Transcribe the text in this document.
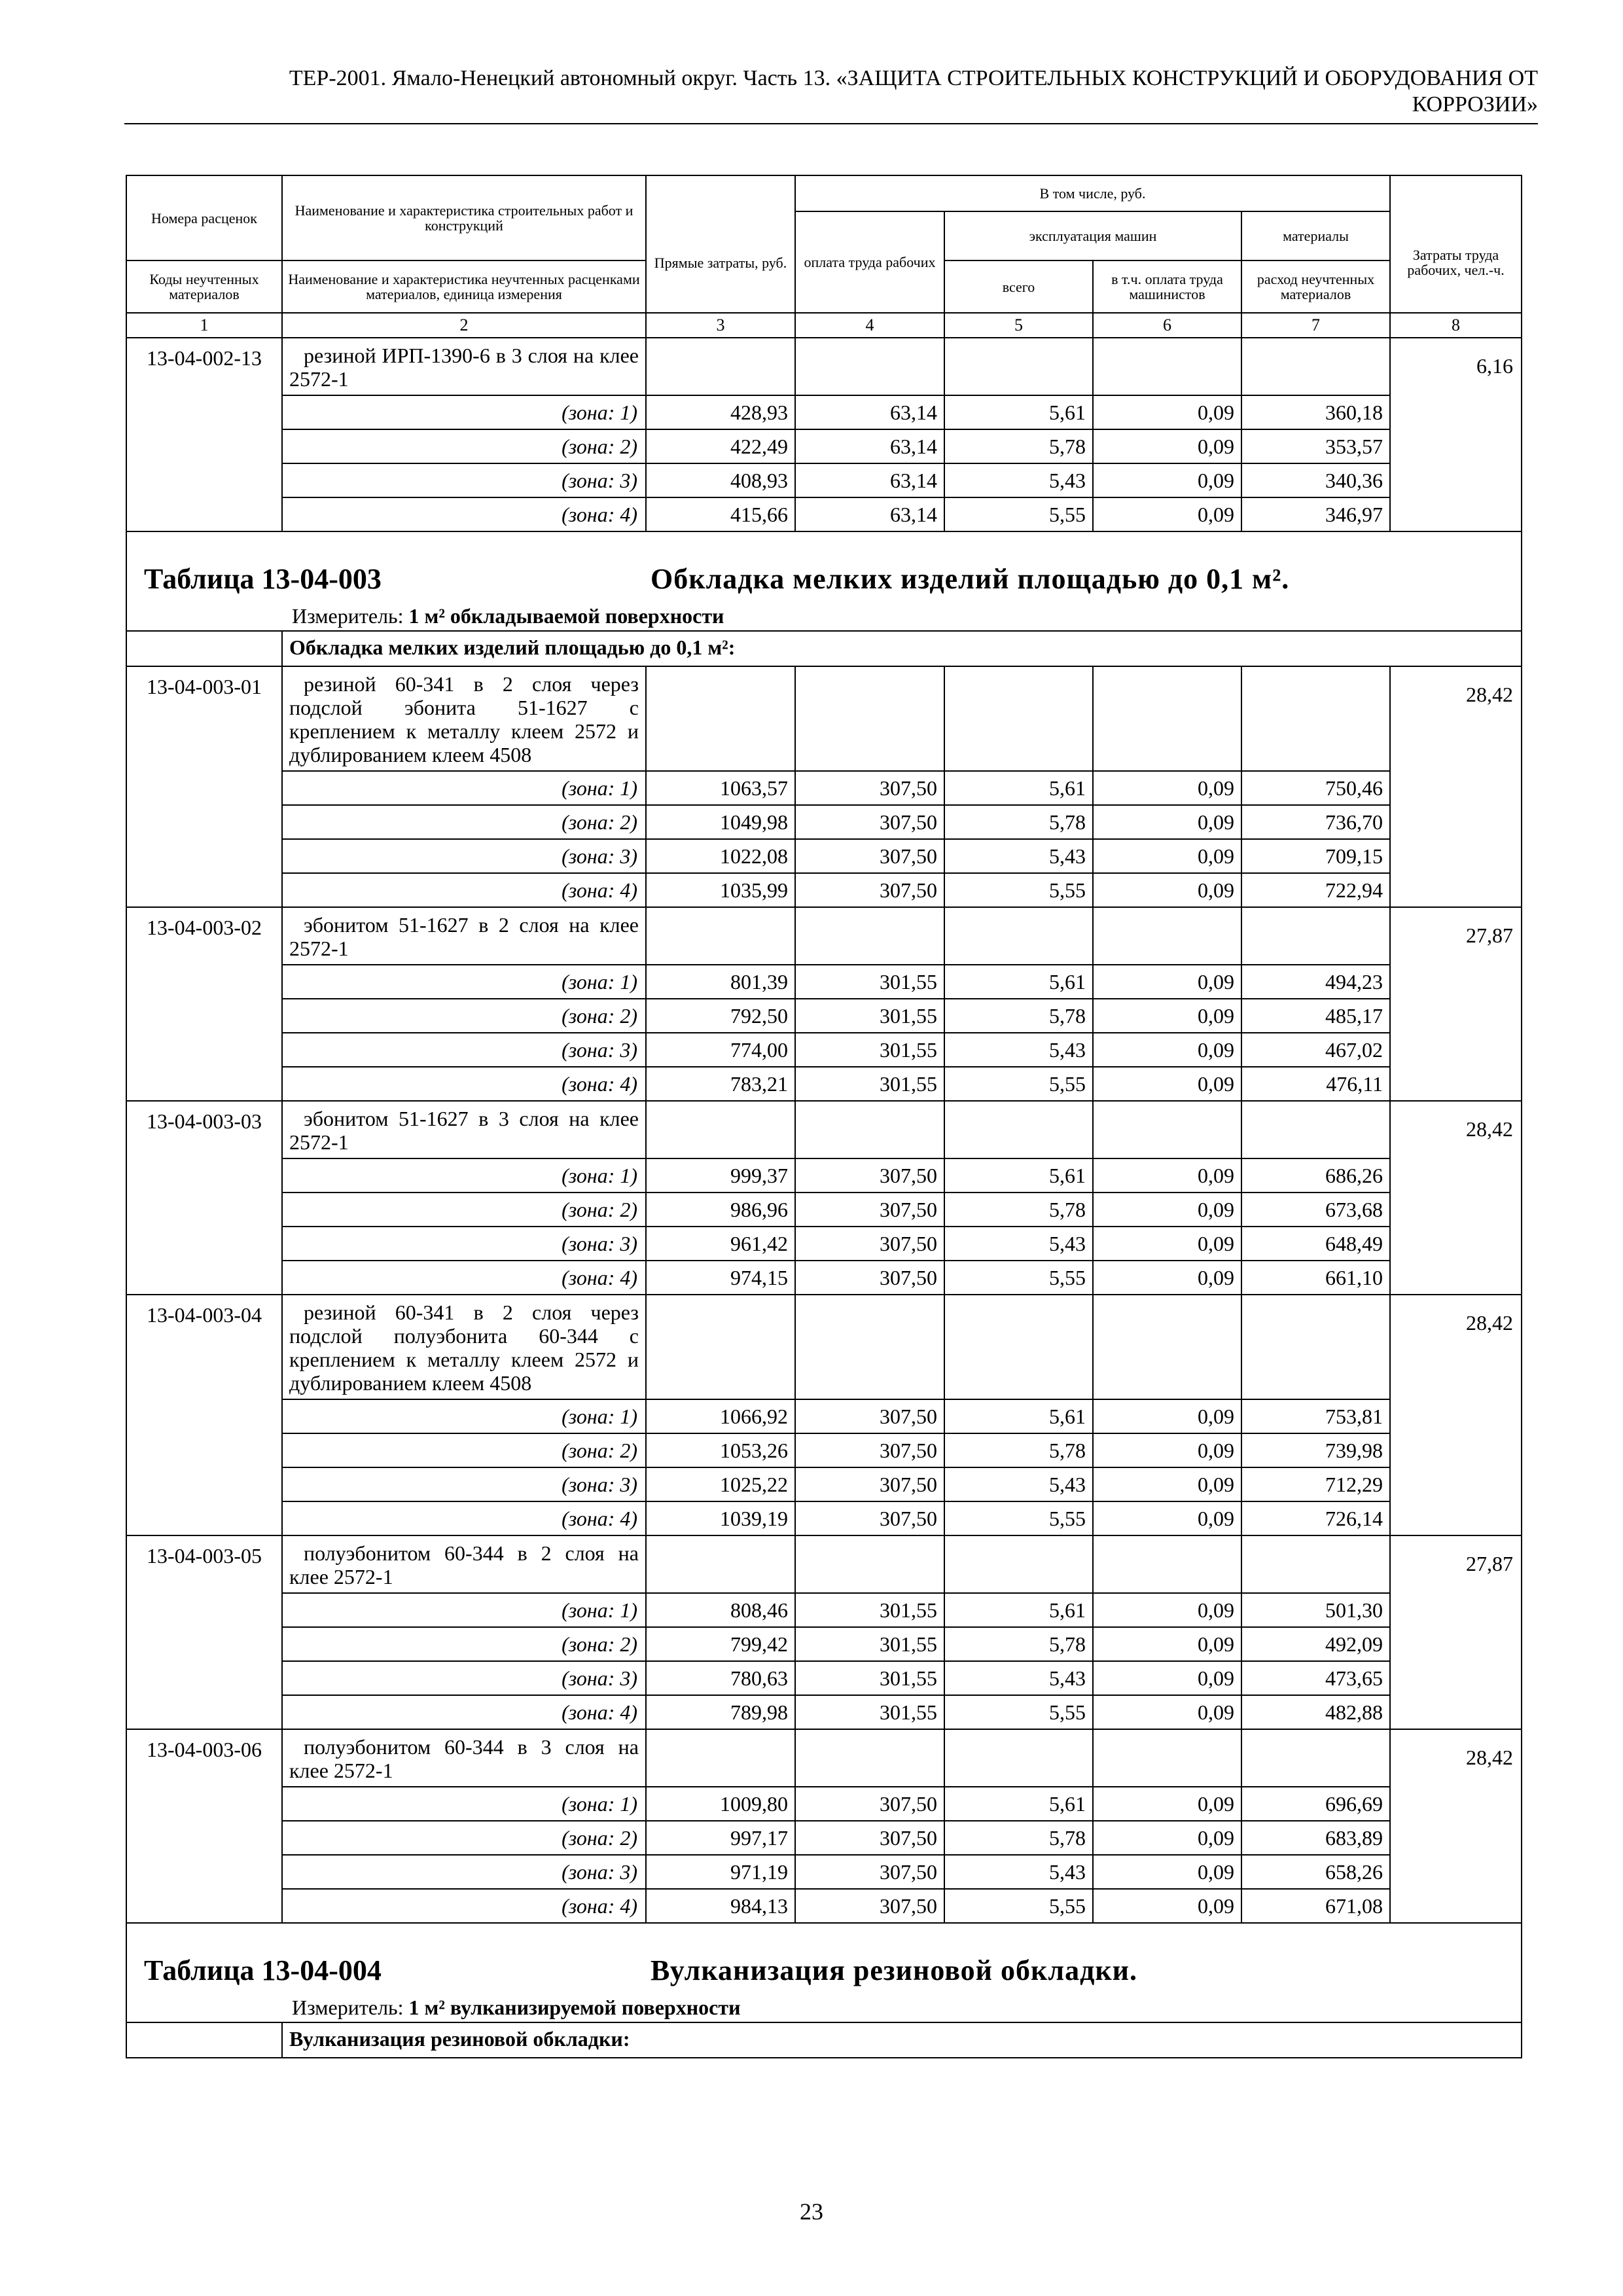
ТЕР-2001. Ямало-Ненецкий автономный округ. Часть 13. «ЗАЩИТА СТРОИТЕЛЬНЫХ КОНСТРУКЦИЙ И ОБОРУДОВАНИЯ ОТ
КОРРОЗИИ»
Номера расценок	Наименование и характеристика строительных работ и конструкций	Прямые затраты, руб.	В том числе, руб.				Затраты труда рабочих, чел.-ч.
			оплата труда рабочих	эксплуатация машин		материалы	
Коды неучтенных материалов	Наименование и характеристика неучтенных расценками материалов, единица измерения			всего	в т.ч. оплата труда машинистов	расход неучтенных материалов	
1	2	3	4	5	6	7	8
13-04-002-13	резиной ИРП-1390-6 в 3 слоя на клее 2572-1						6,16
	(зона: 1)	428,93	63,14	5,61	0,09	360,18	
	(зона: 2)	422,49	63,14	5,78	0,09	353,57	
	(зона: 3)	408,93	63,14	5,43	0,09	340,36	
	(зона: 4)	415,66	63,14	5,55	0,09	346,97	

Таблица 13-04-003 Обкладка мелких изделий площадью до 0,1 м².
Измеритель: 1 м² обкладываемой поверхности							

	Обкладка мелких изделий площадью до 0,1 м²:						
13-04-003-01	резиной 60-341 в 2 слоя через подслой эбонита 51-1627 с креплением к металлу клеем 2572 и дублированием клеем 4508						28,42
	(зона: 1)	1063,57	307,50	5,61	0,09	750,46	
	(зона: 2)	1049,98	307,50	5,78	0,09	736,70	
	(зона: 3)	1022,08	307,50	5,43	0,09	709,15	
	(зона: 4)	1035,99	307,50	5,55	0,09	722,94	
13-04-003-02	эбонитом 51-1627 в 2 слоя на клее 2572-1						27,87
	(зона: 1)	801,39	301,55	5,61	0,09	494,23	
	(зона: 2)	792,50	301,55	5,78	0,09	485,17	
	(зона: 3)	774,00	301,55	5,43	0,09	467,02	
	(зона: 4)	783,21	301,55	5,55	0,09	476,11	
13-04-003-03	эбонитом 51-1627 в 3 слоя на клее 2572-1						28,42
	(зона: 1)	999,37	307,50	5,61	0,09	686,26	
	(зона: 2)	986,96	307,50	5,78	0,09	673,68	
	(зона: 3)	961,42	307,50	5,43	0,09	648,49	
	(зона: 4)	974,15	307,50	5,55	0,09	661,10	
13-04-003-04	резиной 60-341 в 2 слоя через подслой полуэбонита 60-344 с креплением к металлу клеем 2572 и дублированием клеем 4508						28,42
	(зона: 1)	1066,92	307,50	5,61	0,09	753,81	
	(зона: 2)	1053,26	307,50	5,78	0,09	739,98	
	(зона: 3)	1025,22	307,50	5,43	0,09	712,29	
	(зона: 4)	1039,19	307,50	5,55	0,09	726,14	
13-04-003-05	полуэбонитом 60-344 в 2 слоя на клее 2572-1						27,87
	(зона: 1)	808,46	301,55	5,61	0,09	501,30	
	(зона: 2)	799,42	301,55	5,78	0,09	492,09	
	(зона: 3)	780,63	301,55	5,43	0,09	473,65	
	(зона: 4)	789,98	301,55	5,55	0,09	482,88	
13-04-003-06	полуэбонитом 60-344 в 3 слоя на клее 2572-1						28,42
	(зона: 1)	1009,80	307,50	5,61	0,09	696,69	
	(зона: 2)	997,17	307,50	5,78	0,09	683,89	
	(зона: 3)	971,19	307,50	5,43	0,09	658,26	
	(зона: 4)	984,13	307,50	5,55	0,09	671,08	

Таблица 13-04-004 Вулканизация резиновой обкладки.
Измеритель: 1 м² вулканизируемой поверхности							

	Вулканизация резиновой обкладки:						
23
